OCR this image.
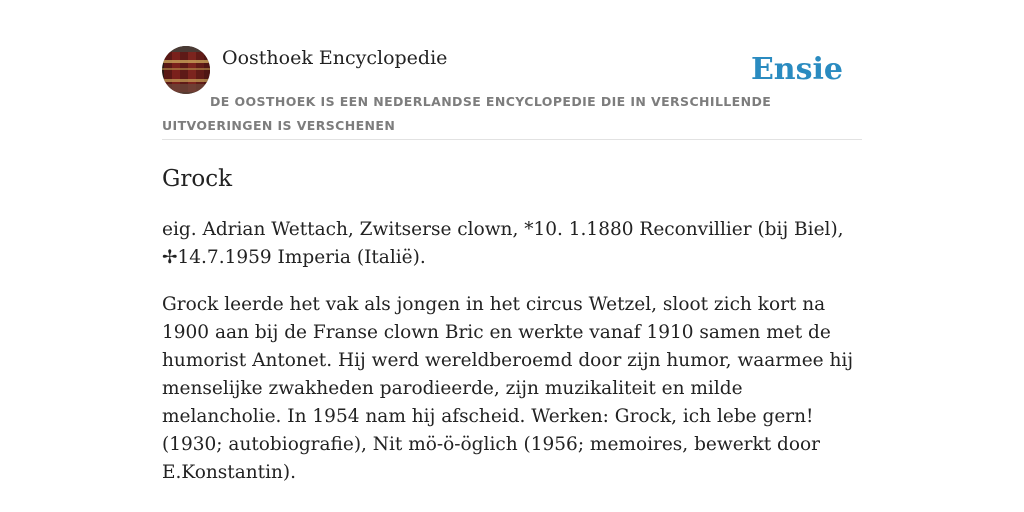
Oosthoek Encyclopedie	Ensie
DE OOSTHOEK IS EEN NEDERLANDSE ENCYCLOPEDIE DIE IN VERSCHILLENDE UITVOERINGEN IS VERSCHENEN
Grock

eig. Adrian Wettach, Zwitserse clown, *10. 1.1880 Reconvillier (bij Biel), ✢14.7.1959 Imperia (Italië).

Grock leerde het vak als jongen in het circus Wetzel, sloot zich kort na 1900 aan bij de Franse clown Bric en werkte vanaf 1910 samen met de humorist Antonet. Hij werd wereldberoemd door zijn humor, waarmee hij menselijke zwakheden parodieerde, zijn muzikaliteit en milde melancholie. In 1954 nam hij afscheid. Werken: Grock, ich lebe gern! (1930; autobiografie), Nit mö-ö-öglich (1956; memoires, bewerkt door E.Konstantin).
